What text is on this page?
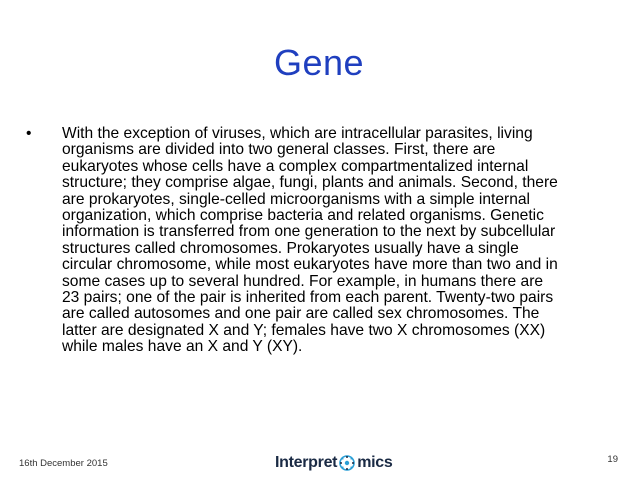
Gene
• With the exception of viruses, which are intracellular parasites, living
organisms are divided into two general classes. First, there are
eukaryotes whose cells have a complex compartmentalized internal
structure; they comprise algae, fungi, plants and animals. Second, there
are prokaryotes, single-celled microorganisms with a simple internal
organization, which comprise bacteria and related organisms. Genetic
information is transferred from one generation to the next by subcellular
structures called chromosomes. Prokaryotes usually have a single
circular chromosome, while most eukaryotes have more than two and in
some cases up to several hundred. For example, in humans there are
23 pairs; one of the pair is inherited from each parent. Twenty-two pairs
are called autosomes and one pair are called sex chromosomes. The
latter are designated X and Y; females have two X chromosomes (XX)
while males have an X and Y (XY).
16th December 2015	Interpret mics	19
